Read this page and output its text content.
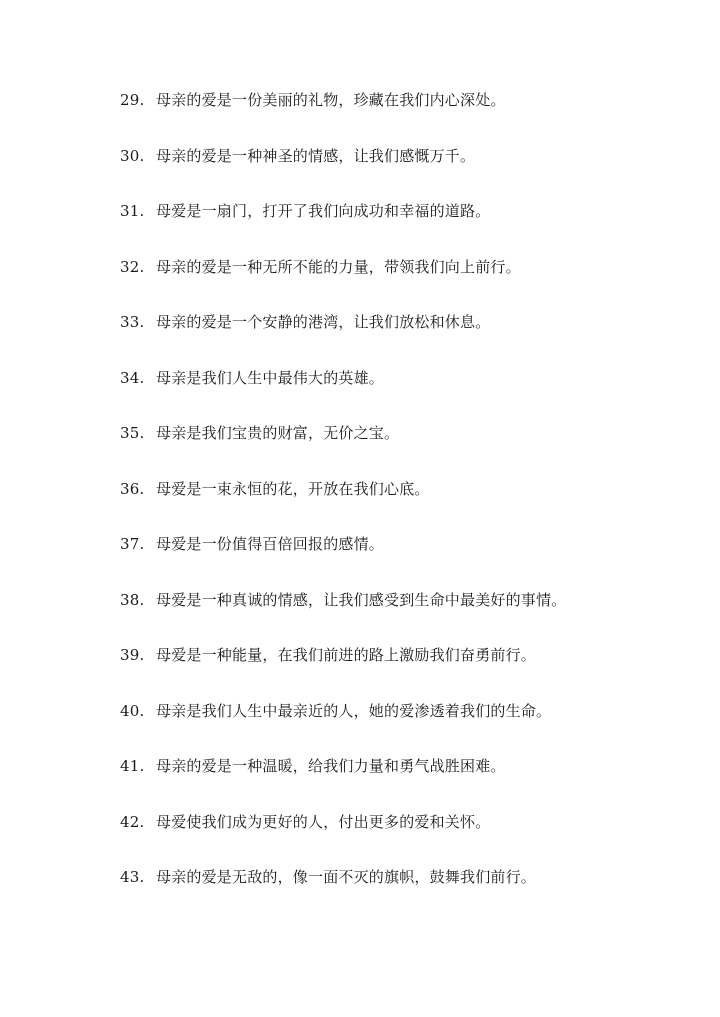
29. 母亲的爱是一份美丽的礼物，珍藏在我们内心深处。
30. 母亲的爱是一种神圣的情感，让我们感慨万千。
31. 母爱是一扇门，打开了我们向成功和幸福的道路。
32. 母亲的爱是一种无所不能的力量，带领我们向上前行。
33. 母亲的爱是一个安静的港湾，让我们放松和休息。
34. 母亲是我们人生中最伟大的英雄。
35. 母亲是我们宝贵的财富，无价之宝。
36. 母爱是一束永恒的花，开放在我们心底。
37. 母爱是一份值得百倍回报的感情。
38. 母爱是一种真诚的情感，让我们感受到生命中最美好的事情。
39. 母爱是一种能量，在我们前进的路上激励我们奋勇前行。
40. 母亲是我们人生中最亲近的人，她的爱渗透着我们的生命。
41. 母亲的爱是一种温暖，给我们力量和勇气战胜困难。
42. 母爱使我们成为更好的人，付出更多的爱和关怀。
43. 母亲的爱是无敌的，像一面不灭的旗帜，鼓舞我们前行。
